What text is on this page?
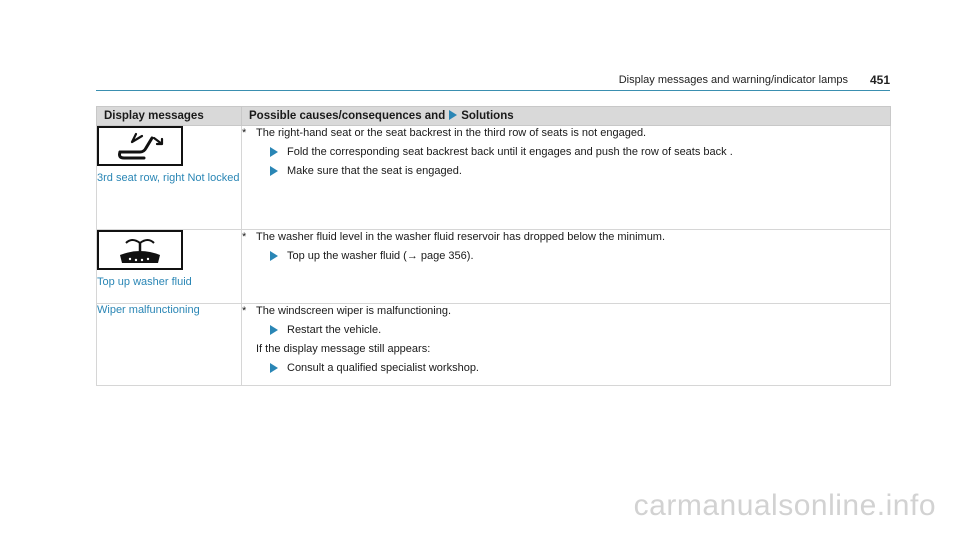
Display messages and warning/indicator lamps 451
Display messages	Possible causes/consequences and Solutions

3rd seat row, right Not locked	* The right-hand seat or the seat backrest in the third row of seats is not engaged.
Fold the corresponding seat backrest back until it engages and push the row of seats back .
Make sure that the seat is engaged.

Top up washer fluid	* The washer fluid level in the washer fluid reservoir has dropped below the minimum.
Top up the washer fluid (→ page 356).

Wiper malfunctioning	* The windscreen wiper is malfunctioning.
Restart the vehicle.
If the display message still appears:
Consult a qualified specialist workshop.
carmanualsonline.info
